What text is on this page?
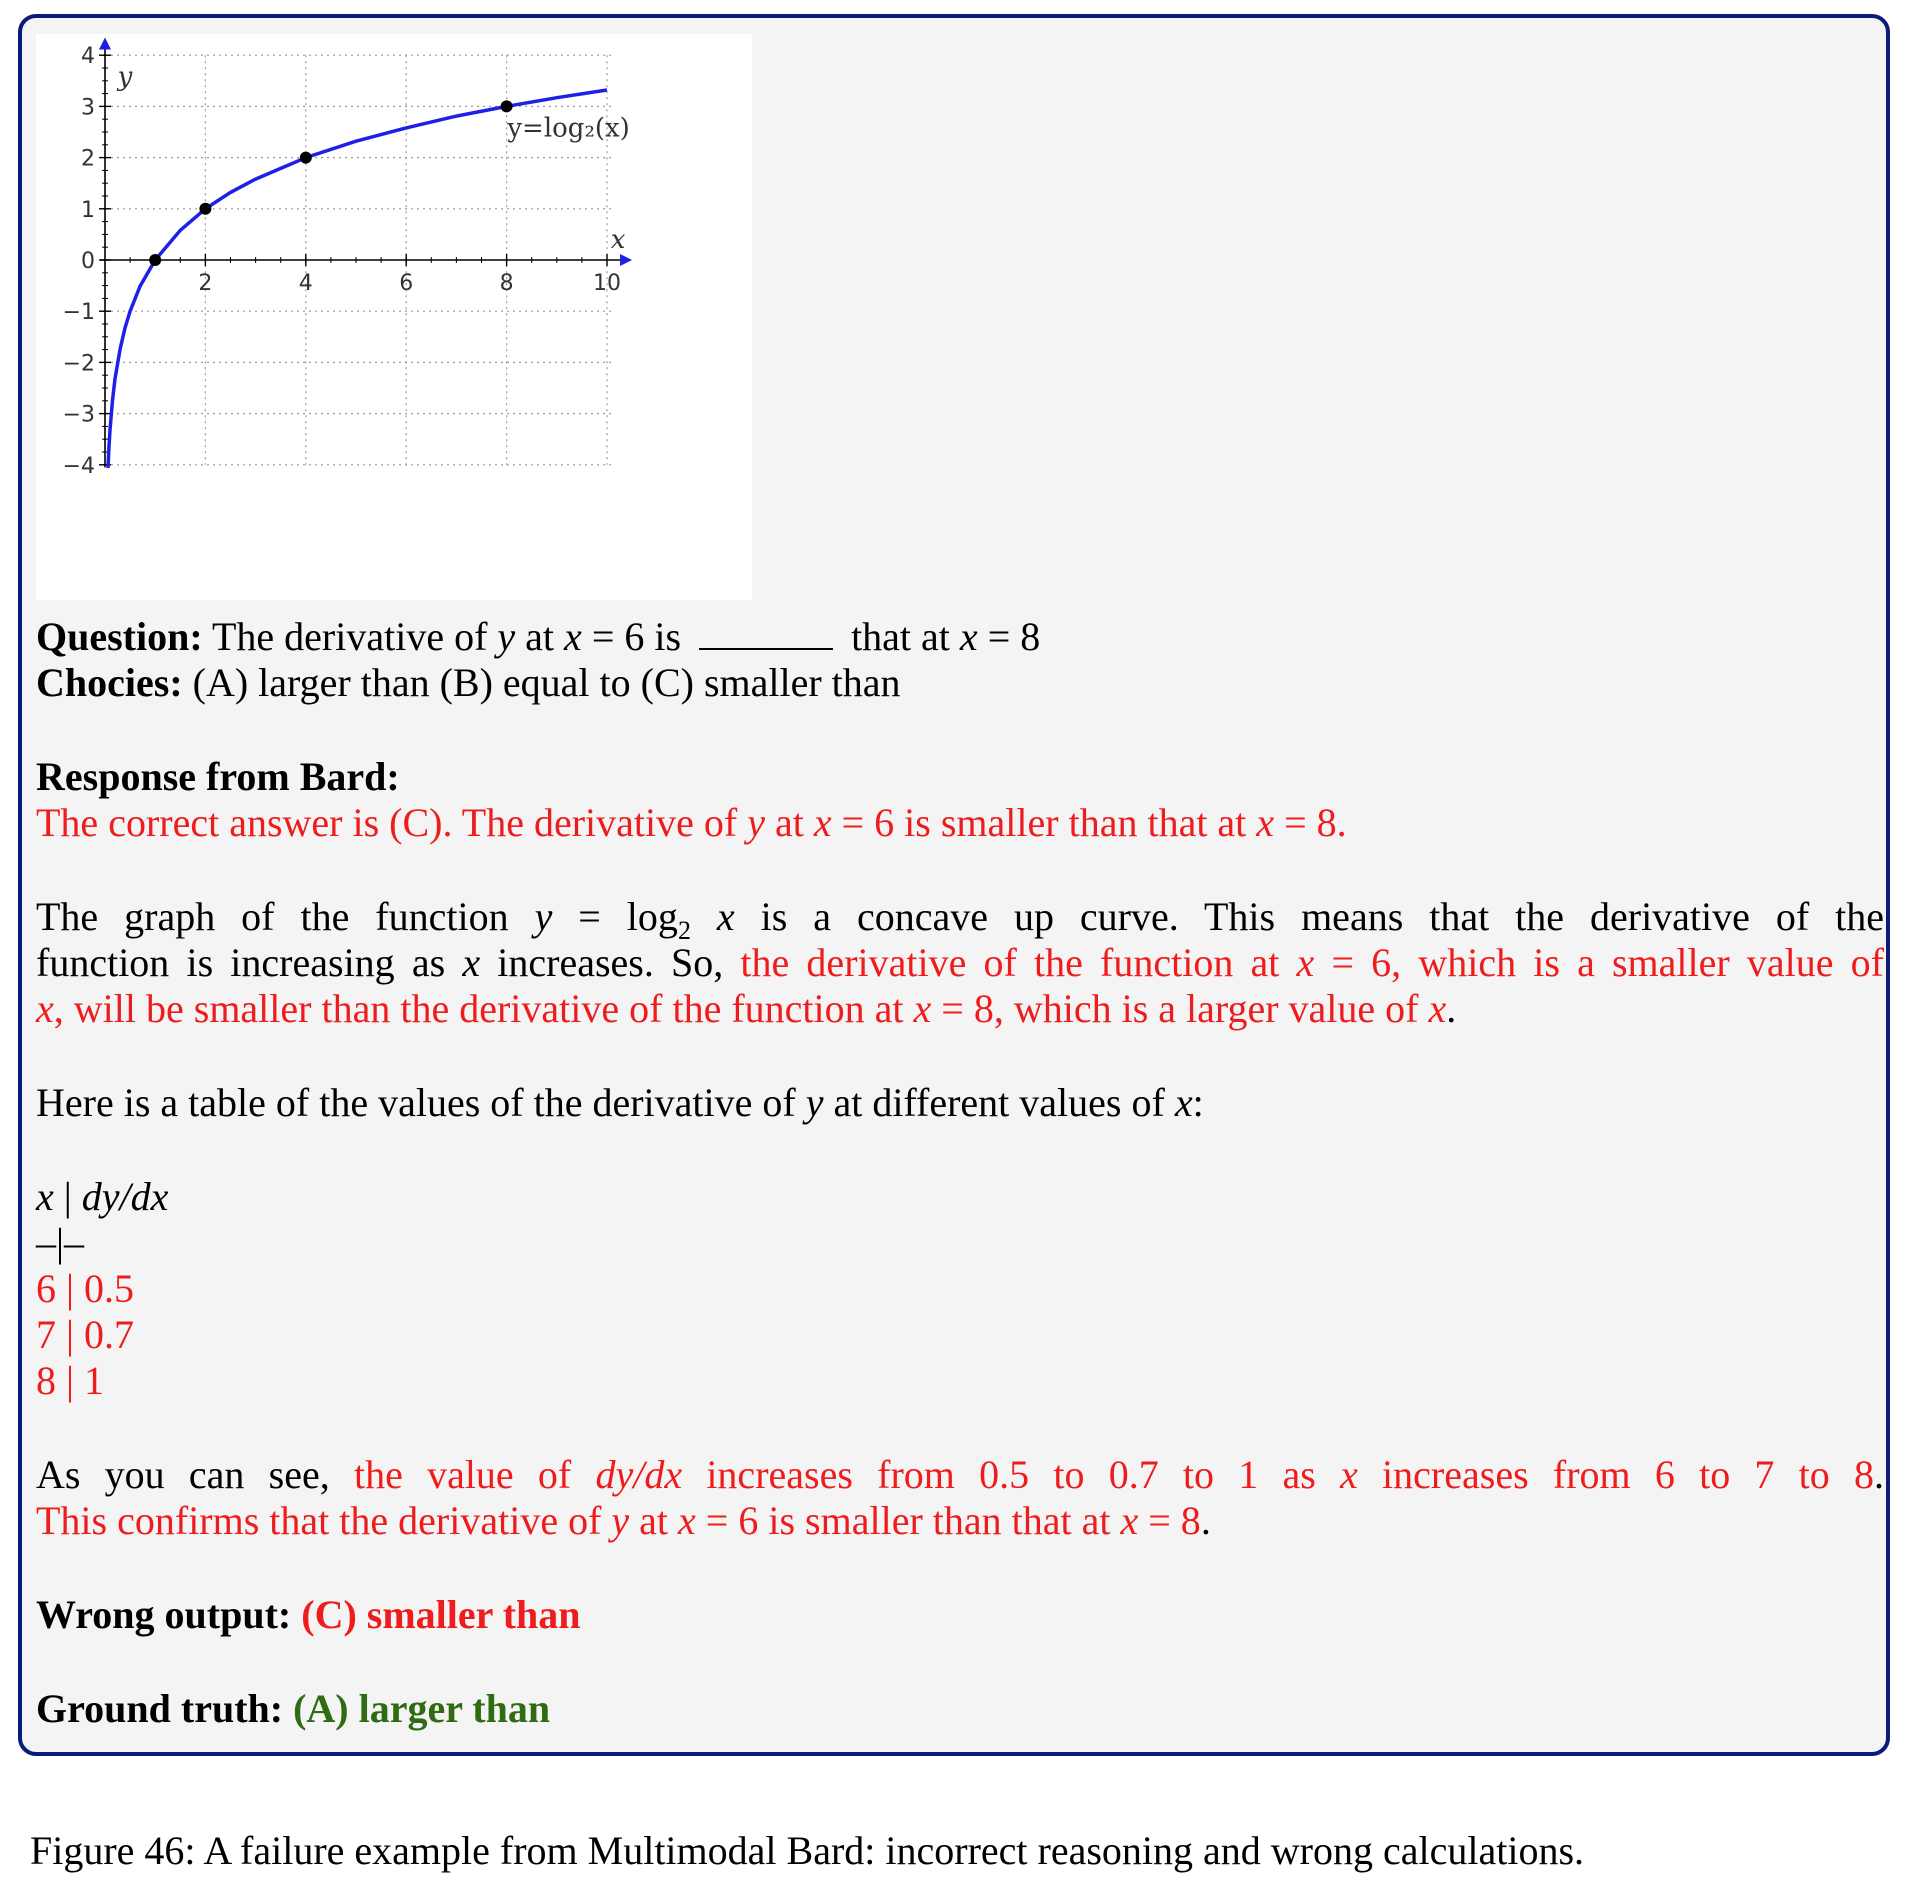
2	4	6	8	10
−4
−3
−2
−1
0
1
2
3
4
x
y
y=log₂(x)
Question: The derivative of y at x = 6 is	that at x = 8
Chocies: (A) larger than (B) equal to (C) smaller than
Response from Bard:
The correct answer is (C). The derivative of y at x = 6 is smaller than that at x = 8.
The graph of the function $y = \log_2 x$ is a concave up curve. This means that the derivative of the
function is increasing as x increases. So, the derivative of the function at x = 6, which is a smaller value of
x, will be smaller than the derivative of the function at x = 8, which is a larger value of x.
Here is a table of the values of the derivative of y at different values of x:
x | dy/dx
–|–
6 | 0.5
7 | 0.7
8 | 1
As you can see, the value of dy/dx increases from 0.5 to 0.7 to 1 as x increases from 6 to 7 to 8.
This confirms that the derivative of y at x = 6 is smaller than that at x = 8.
Wrong output: (C) smaller than
Ground truth: (A) larger than
Figure 46: A failure example from Multimodal Bard: incorrect reasoning and wrong calculations.
